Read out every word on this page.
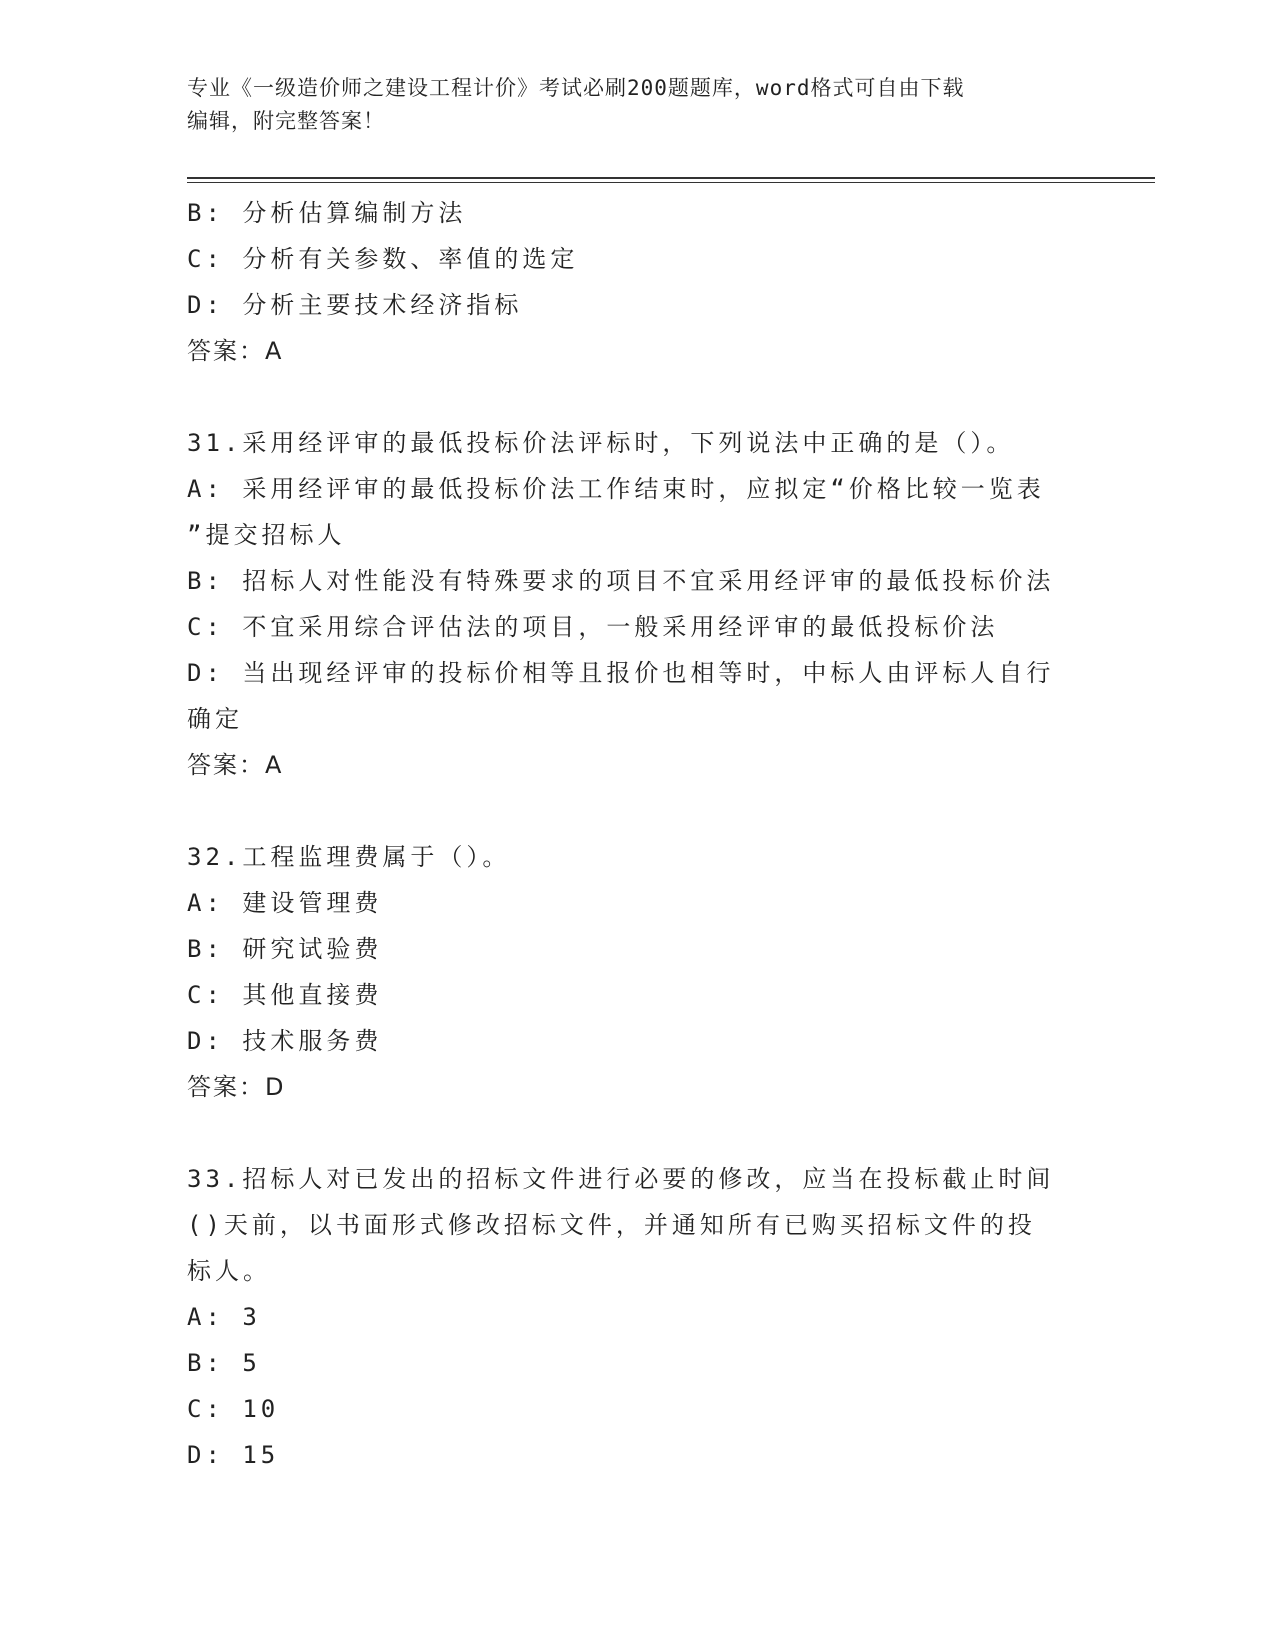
专业《一级造价师之建设工程计价》考试必刷200题题库，word格式可自由下载
编辑，附完整答案！
B: 分析估算编制方法
C: 分析有关参数、率值的选定
D: 分析主要技术经济指标
答案：A
31.采用经评审的最低投标价法评标时，下列说法中正确的是（）。
A: 采用经评审的最低投标价法工作结束时，应拟定“价格比较一览表
”提交招标人
B: 招标人对性能没有特殊要求的项目不宜采用经评审的最低投标价法
C: 不宜采用综合评估法的项目，一般采用经评审的最低投标价法
D: 当出现经评审的投标价相等且报价也相等时，中标人由评标人自行
确定
答案：A
32.工程监理费属于（）。
A: 建设管理费
B: 研究试验费
C: 其他直接费
D: 技术服务费
答案：D
33.招标人对已发出的招标文件进行必要的修改，应当在投标截止时间
()天前，以书面形式修改招标文件，并通知所有已购买招标文件的投
标人。
A: 3
B: 5
C: 10
D: 15
